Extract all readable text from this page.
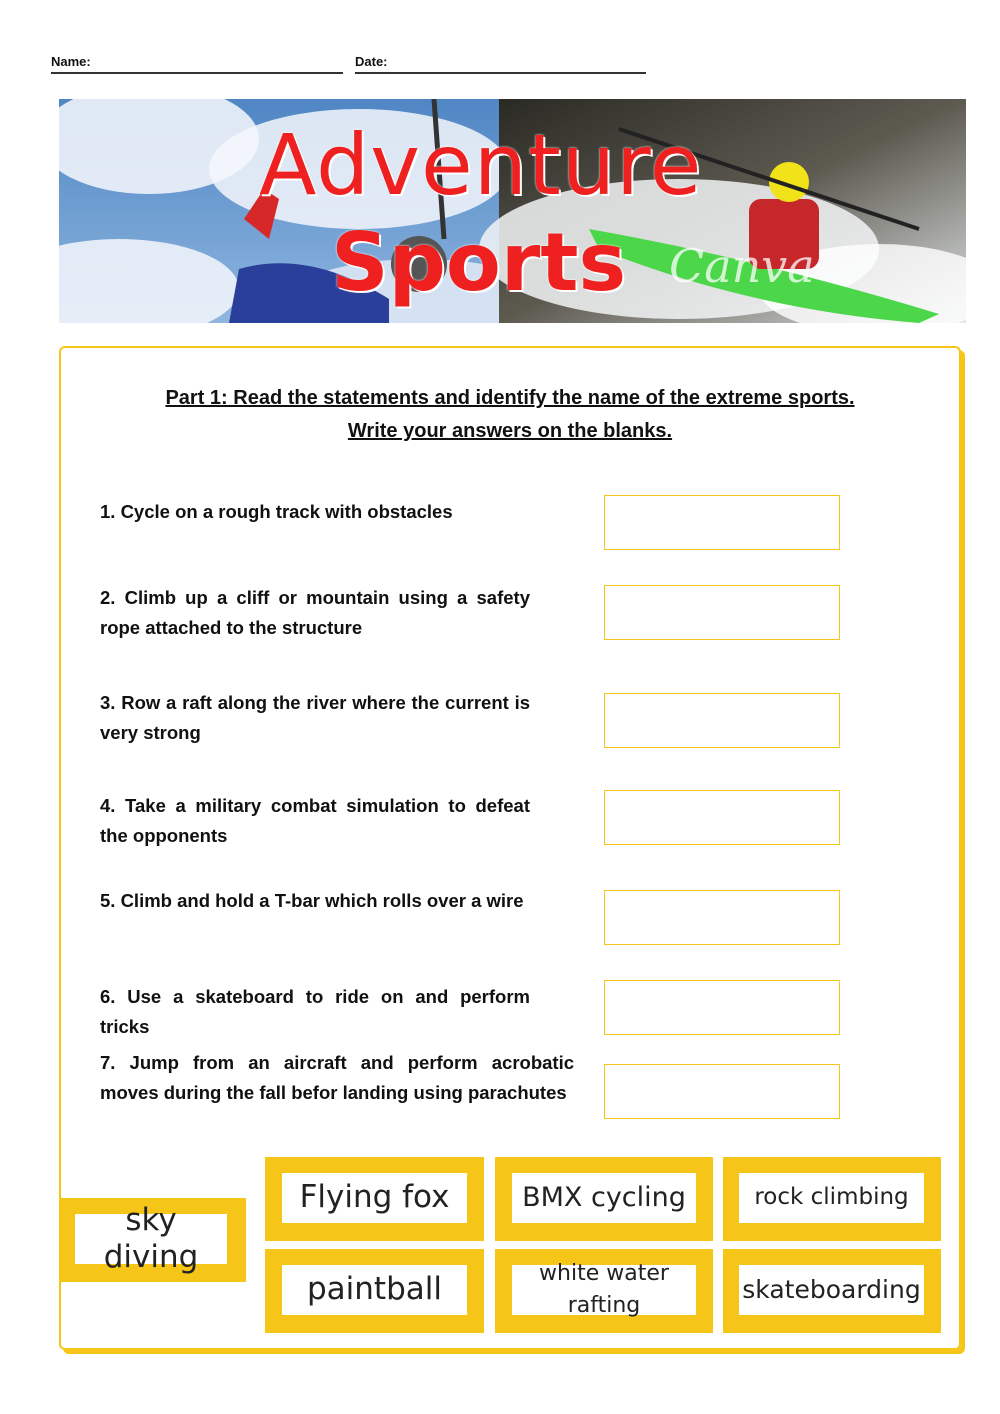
Name:	Date:
Adventure
Sports Canva
Part 1: Read the statements and identify the name of the extreme sports. Write your answers on the blanks.
1. Cycle on a rough track with obstacles
2. Climb up a cliff or mountain using a safety rope attached to the structure
3. Row a raft along the river where the current is very strong
4. Take a military combat simulation to defeat the opponents
5. Climb and hold a T-bar which rolls over a wire
6. Use a skateboard to ride on and perform tricks
7. Jump from an aircraft and perform acrobatic moves during the fall befor landing using parachutes
sky diving
Flying fox	BMX cycling	rock climbing
paintball	white water rafting
skateboarding
